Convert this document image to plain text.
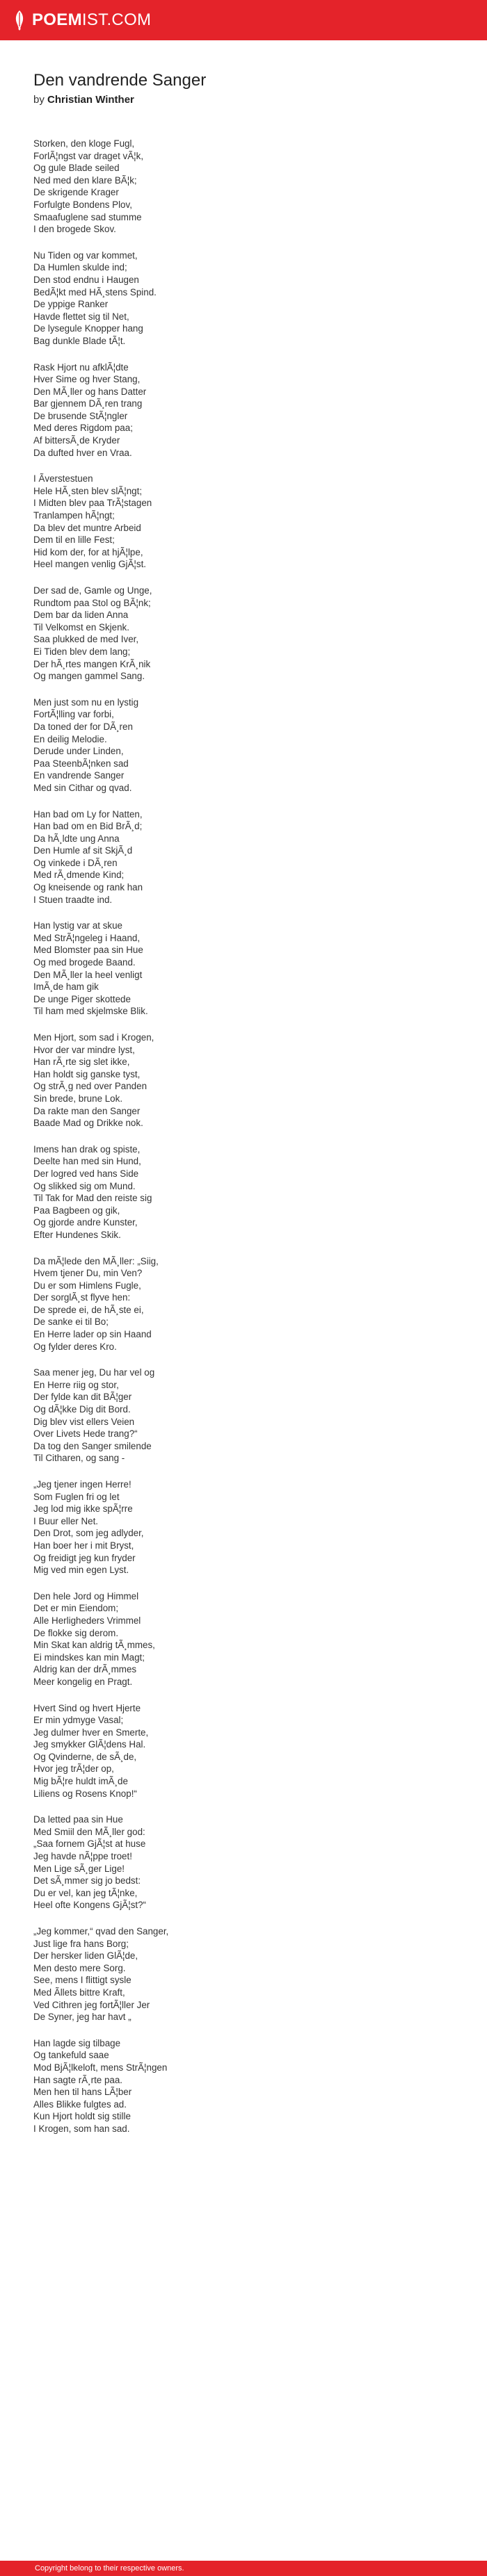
POEM IST.COM
Den vandrende Sanger
by Christian Winther
Storken, den kloge Fugl,
ForlÃ¦ngst var draget vÃ¦k,
Og gule Blade seiled
Ned med den klare BÃ¦k;
De skrigende Krager
Forfulgte Bondens Plov,
Smaafuglene sad stumme
I den brogede Skov.
Nu Tiden og var kommet,
Da Humlen skulde ind;
Den stod endnu i Haugen
BedÃ¦kt med HÃ¸stens Spind.
De yppige Ranker
Havde flettet sig til Net,
De lysegule Knopper hang
Bag dunkle Blade tÃ¦t.
Rask Hjort nu afklÃ¦dte
Hver Sime og hver Stang,
Den MÃ¸ller og hans Datter
Bar gjennem DÃ¸ren trang
De brusende StÃ¦ngler
Med deres Rigdom paa;
Af bittersÃ¸de Kryder
Da dufted hver en Vraa.
I Ãverstestuen
Hele HÃ¸sten blev slÃ¦ngt;
I Midten blev paa TrÃ¦stagen
Tranlampen hÃ¦ngt;
Da blev det muntre Arbeid
Dem til en lille Fest;
Hid kom der, for at hjÃ¦lpe,
Heel mangen venlig GjÃ¦st.
Der sad de, Gamle og Unge,
Rundtom paa Stol og BÃ¦nk;
Dem bar da liden Anna
Til Velkomst en Skjenk.
Saa plukked de med Iver,
Ei Tiden blev dem lang;
Der hÃ¸rtes mangen KrÃ¸nik
Og mangen gammel Sang.
Men just som nu en lystig
FortÃ¦lling var forbi,
Da toned der for DÃ¸ren
En deilig Melodie.
Derude under Linden,
Paa SteenbÃ¦nken sad
En vandrende Sanger
Med sin Cithar og qvad.
Han bad om Ly for Natten,
Han bad om en Bid BrÃ¸d;
Da hÃ¸ldte ung Anna
Den Humle af sit SkjÃ¸d
Og vinkede i DÃ¸ren
Med rÃ¸dmende Kind;
Og kneisende og rank han
I Stuen traadte ind.
Han lystig var at skue
Med StrÃ¦ngeleg i Haand,
Med Blomster paa sin Hue
Og med brogede Baand.
Den MÃ¸ller la heel venligt
ImÃ¸de ham gik
De unge Piger skottede
Til ham med skjelmske Blik.
Men Hjort, som sad i Krogen,
Hvor der var mindre lyst,
Han rÃ¸rte sig slet ikke,
Han holdt sig ganske tyst,
Og strÃ¸g ned over Panden
Sin brede, brune Lok.
Da rakte man den Sanger
Baade Mad og Drikke nok.
Imens han drak og spiste,
Deelte han med sin Hund,
Der logred ved hans Side
Og slikked sig om Mund.
Til Tak for Mad den reiste sig
Paa Bagbeen og gik,
Og gjorde andre Kunster,
Efter Hundenes Skik.
Da mÃ¦lede den MÃ¸ller: „Siig,
Hvem tjener Du, min Ven?
Du er som Himlens Fugle,
Der sorglÃ¸st flyve hen:
De sprede ei, de hÃ¸ste ei,
De sanke ei til Bo;
En Herre lader op sin Haand
Og fylder deres Kro.
Saa mener jeg, Du har vel og
En Herre riig og stor,
Der fylde kan dit BÃ¦ger
Og dÃ¦kke Dig dit Bord.
Dig blev vist ellers Veien
Over Livets Hede trang?“
Da tog den Sanger smilende
Til Citharen, og sang -
„Jeg tjener ingen Herre!
Som Fuglen fri og let
Jeg lod mig ikke spÃ¦rre
I Buur eller Net.
Den Drot, som jeg adlyder,
Han boer her i mit Bryst,
Og freidigt jeg kun fryder
Mig ved min egen Lyst.
Den hele Jord og Himmel
Det er min Eiendom;
Alle Herligheders Vrimmel
De flokke sig derom.
Min Skat kan aldrig tÃ¸mmes,
Ei mindskes kan min Magt;
Aldrig kan der drÃ¸mmes
Meer kongelig en Pragt.
Hvert Sind og hvert Hjerte
Er min ydmyge Vasal;
Jeg dulmer hver en Smerte,
Jeg smykker GlÃ¦dens Hal.
Og Qvinderne, de sÃ¸de,
Hvor jeg trÃ¦der op,
Mig bÃ¦re huldt imÃ¸de
Liliens og Rosens Knop!“
Da letted paa sin Hue
Med Smiil den MÃ¸ller god:
„Saa fornem GjÃ¦st at huse
Jeg havde nÃ¦ppe troet!
Men Lige sÃ¸ger Lige!
Det sÃ¸mmer sig jo bedst:
Du er vel, kan jeg tÃ¦nke,
Heel ofte Kongens GjÃ¦st?“
„Jeg kommer,“ qvad den Sanger,
Just lige fra hans Borg;
Der hersker liden GlÃ¦de,
Men desto mere Sorg.
See, mens I flittigt sysle
Med Ãllets bittre Kraft,
Ved Cithren jeg fortÃ¦ller Jer
De Syner, jeg har havt „
Han lagde sig tilbage
Og tankefuld saae
Mod BjÃ¦lkeloft, mens StrÃ¦ngen
Han sagte rÃ¸rte paa.
Men hen til hans LÃ¦ber
Alles Blikke fulgtes ad.
Kun Hjort holdt sig stille
I Krogen, som han sad.
Copyright belong to their respective owners.
